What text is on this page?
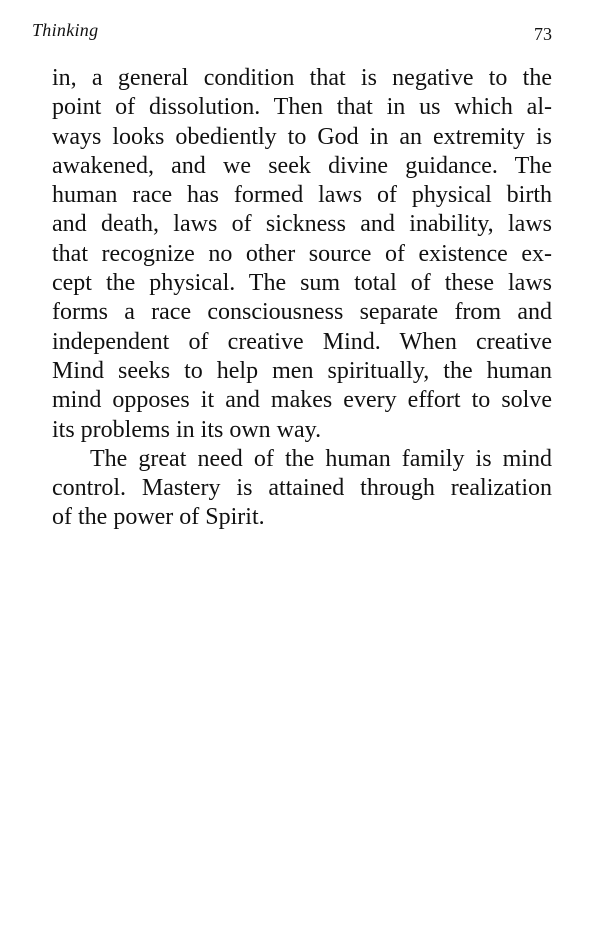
Thinking	73
in, a general condition that is negative to the
point of dissolution. Then that in us which al-
ways looks obediently to God in an extremity is
awakened, and we seek divine guidance. The
human race has formed laws of physical birth
and death, laws of sickness and inability, laws
that recognize no other source of existence ex-
cept the physical. The sum total of these laws
forms a race consciousness separate from and
independent of creative Mind. When creative
Mind seeks to help men spiritually, the human
mind opposes it and makes every effort to solve
its problems in its own way.
The great need of the human family is mind
control. Mastery is attained through realization
of the power of Spirit.
